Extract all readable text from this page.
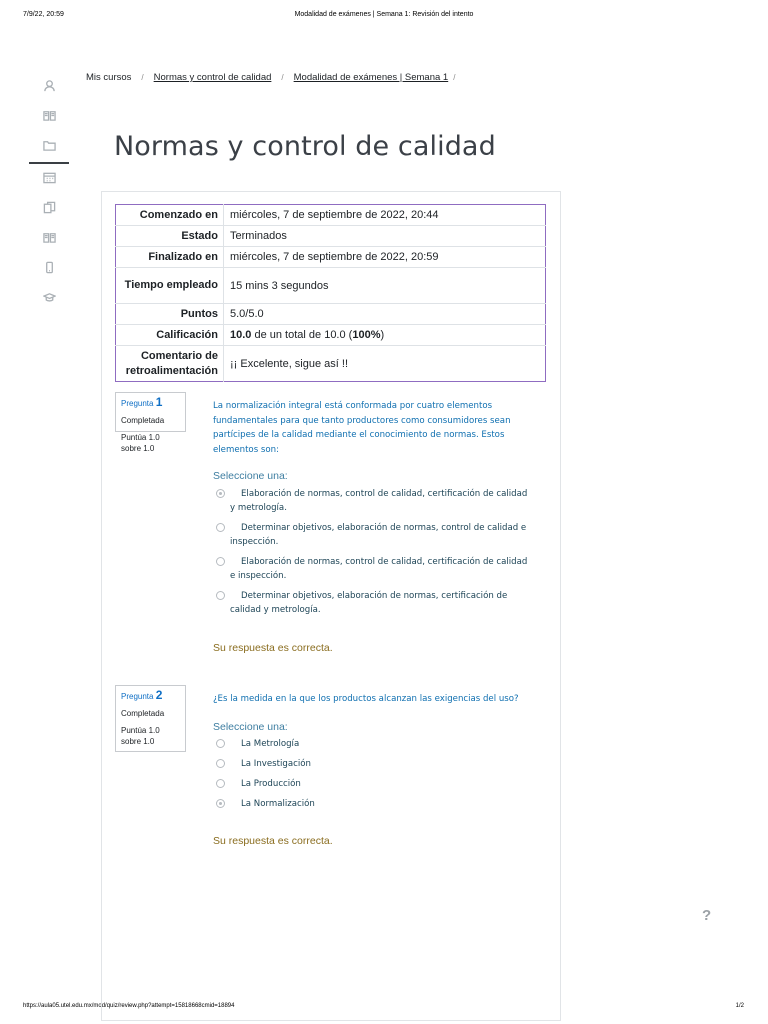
7/9/22, 20:59	Modalidad de exámenes | Semana 1: Revisión del intento
https://aula05.utel.edu.mx/mod/quiz/review.php?attempt=15818668cmid=18894	1/2
Mis cursos / Normas y control de calidad / Modalidad de exámenes | Semana 1 /
Normas y control de calidad
Comenzado en	miércoles, 7 de septiembre de 2022, 20:44
Estado	Terminados
Finalizado en	miércoles, 7 de septiembre de 2022, 20:59
Tiempo empleado	15 mins 3 segundos
Puntos	5.0/5.0
Calificación	10.0 de un total de 10.0 (100%)
Comentario de retroalimentación	¡¡ Excelente, sigue así !!
Pregunta 1
Completada
Puntúa 1.0 sobre 1.0
La normalización integral está conformada por cuatro elementos fundamentales para que tanto productores como consumidores sean partícipes de la calidad mediante el conocimiento de normas. Estos elementos son:
Seleccione una:
Elaboración de normas, control de calidad, certificación de calidad y metrología.
Determinar objetivos, elaboración de normas, control de calidad e inspección.
Elaboración de normas, control de calidad, certificación de calidad e inspección.
Determinar objetivos, elaboración de normas, certificación de calidad y metrología.
Su respuesta es correcta.
Pregunta 2
Completada
Puntúa 1.0 sobre 1.0
¿Es la medida en la que los productos alcanzan las exigencias del uso?
Seleccione una:
La Metrología
La Investigación
La Producción
La Normalización
Su respuesta es correcta.
?
